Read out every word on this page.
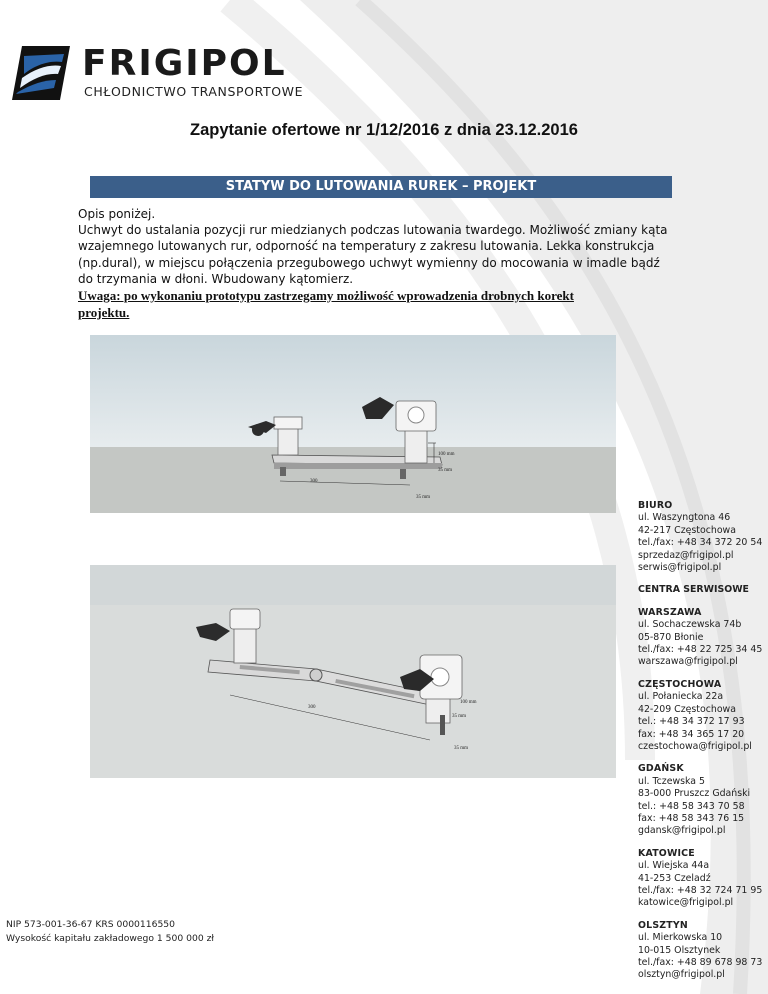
FRIGIPOL
CHŁODNICTWO TRANSPORTOWE
Zapytanie ofertowe nr 1/12/2016 z dnia 23.12.2016
STATYW DO LUTOWANIA RUREK – PROJEKT

Opis poniżej.

Uchwyt do ustalania pozycji rur miedzianych podczas lutowania twardego. Możliwość zmiany kąta wzajemnego lutowanych rur, odporność na temperatury z zakresu lutowania. Lekka konstrukcja (np.dural), w miejscu połączenia przegubowego uchwyt wymienny do mocowania w imadle bądź do trzymania w dłoni. Wbudowany kątomierz.

Uwaga: po wykonaniu prototypu zastrzegamy możliwość wprowadzenia drobnych korekt projektu.

100 mm
35 mm
300
35 mm
100 mm
35 mm
300
35 mm
BIURO
ul. Waszyngtona 46
42-217 Częstochowa
tel./fax: +48 34 372 20 54
sprzedaz@frigipol.pl
serwis@frigipol.pl
CENTRA SERWISOWE
WARSZAWA
ul. Sochaczewska 74b
05-870 Błonie
tel./fax: +48 22 725 34 45
warszawa@frigipol.pl
CZĘSTOCHOWA
ul. Połaniecka 22a
42-209 Częstochowa
tel.: +48 34 372 17 93
fax: +48 34 365 17 20
czestochowa@frigipol.pl
GDAŃSK
ul. Tczewska 5
83-000 Pruszcz Gdański
tel.: +48 58 343 70 58
fax: +48 58 343 76 15
gdansk@frigipol.pl
KATOWICE
ul. Wiejska 44a
41-253 Czeladź
tel./fax: +48 32 724 71 95
katowice@frigipol.pl
OLSZTYN
ul. Mierkowska 10
10-015 Olsztynek
tel./fax: +48 89 678 98 73
olsztyn@frigipol.pl
NIP 573-001-36-67 KRS 0000116550
Wysokość kapitału zakładowego 1 500 000 zł
